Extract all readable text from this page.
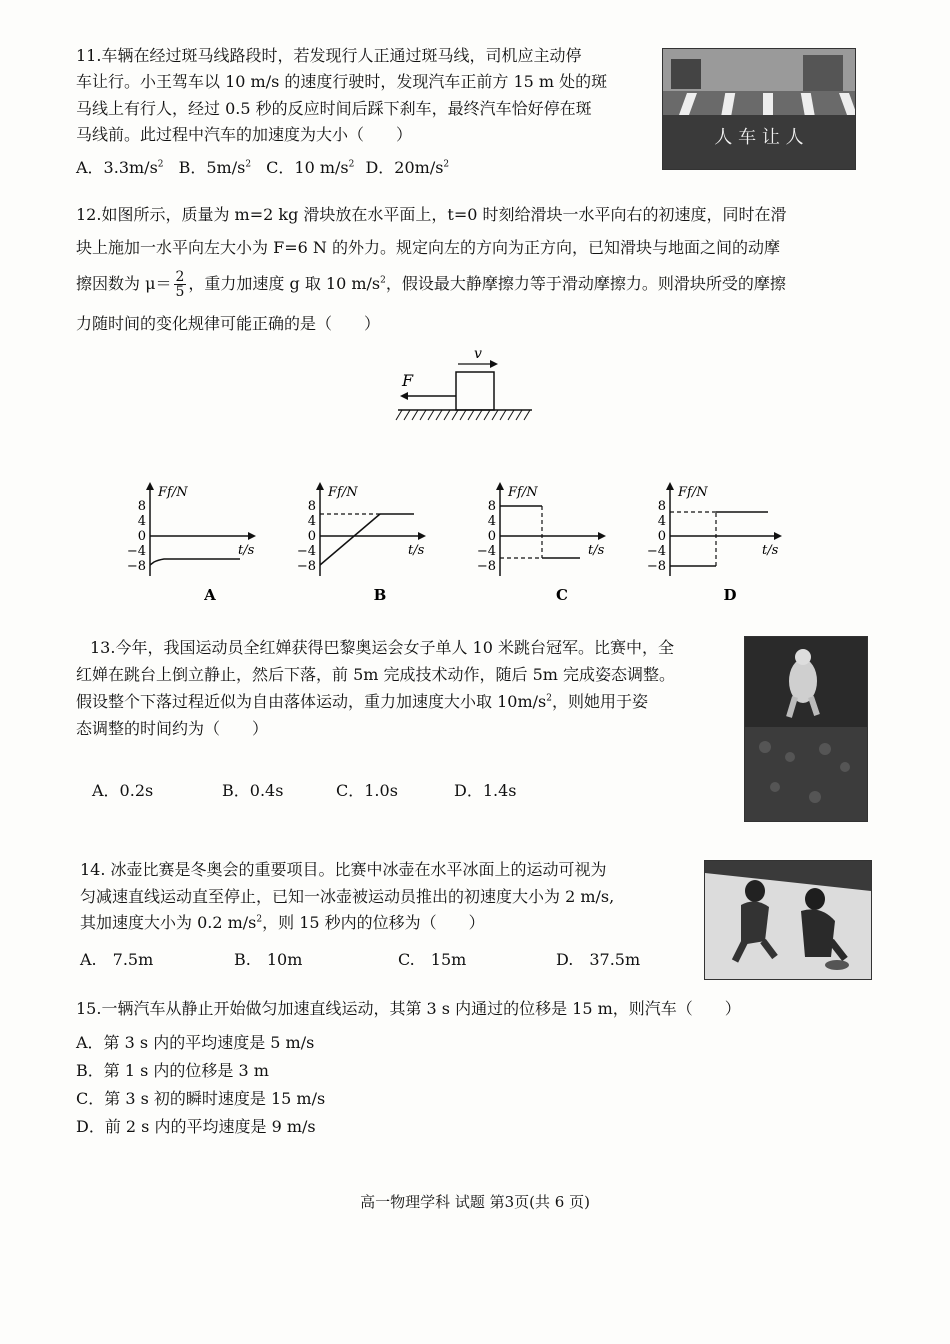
11.车辆在经过斑马线路段时，若发现行人正通过斑马线，司机应主动停
车让行。小王驾车以 10 m/s 的速度行驶时，发现汽车正前方 15 m 处的斑
马线上有行人，经过 0.5 秒的反应时间后踩下刹车，最终汽车恰好停在斑
马线前。此过程中汽车的加速度为大小（　　）
A．$3.3m/s^2$ B．$5m/s^2$ C．10 $m/s^2$ D．$20m/s^2$
人 车 让 人
12.如图所示，质量为 m=2 kg 滑块放在水平面上，t=0 时刻给滑块一水平向右的初速度，同时在滑
块上施加一水平向左大小为 F=6 N 的外力。规定向左的方向为正方向，已知滑块与地面之间的动摩
擦因数为 $\mu= \frac{2}{5}$ ，重力加速度 g 取 10 $m/s^2$，假设最大静摩擦力等于滑动摩擦力。则滑块所受的摩擦
力随时间的变化规律可能正确的是（　　）
F
v
Ff/N
t/s
8
4
0
−4
−8
A
Ff/N
t/s
8
4
0
−4
−8
B
Ff/N
t/s
8
4
0
−4
−8
C
Ff/N
t/s
8
4
0
−4
−8
D
13.今年，我国运动员全红婵获得巴黎奥运会女子单人 10 米跳台冠军。比赛中，全
红婵在跳台上倒立静止，然后下落，前 5m 完成技术动作，随后 5m 完成姿态调整。
假设整个下落过程近似为自由落体运动，重力加速度大小取 $10m/s^2$，则她用于姿
态调整的时间约为（　　）
A．0.2s	B．0.4s	C．1.0s	D．1.4s
14. 冰壶比赛是冬奥会的重要项目。比赛中冰壶在水平冰面上的运动可视为
匀减速直线运动直至停止，已知一冰壶被运动员推出的初速度大小为 2 m/s,
其加速度大小为 0.2 $m/s^2$，则 15 秒内的位移为（　　）
A.　7.5m	B.　10m	C.　15m	D.　37.5m
15.一辆汽车从静止开始做匀加速直线运动，其第 3 s 内通过的位移是 15 m，则汽车（　　）
A．第 3 s 内的平均速度是 5 m/s
B．第 1 s 内的位移是 3 m
C．第 3 s 初的瞬时速度是 15 m/s
D．前 2 s 内的平均速度是 9 m/s
高一物理学科 试题 第3页(共 6 页)
